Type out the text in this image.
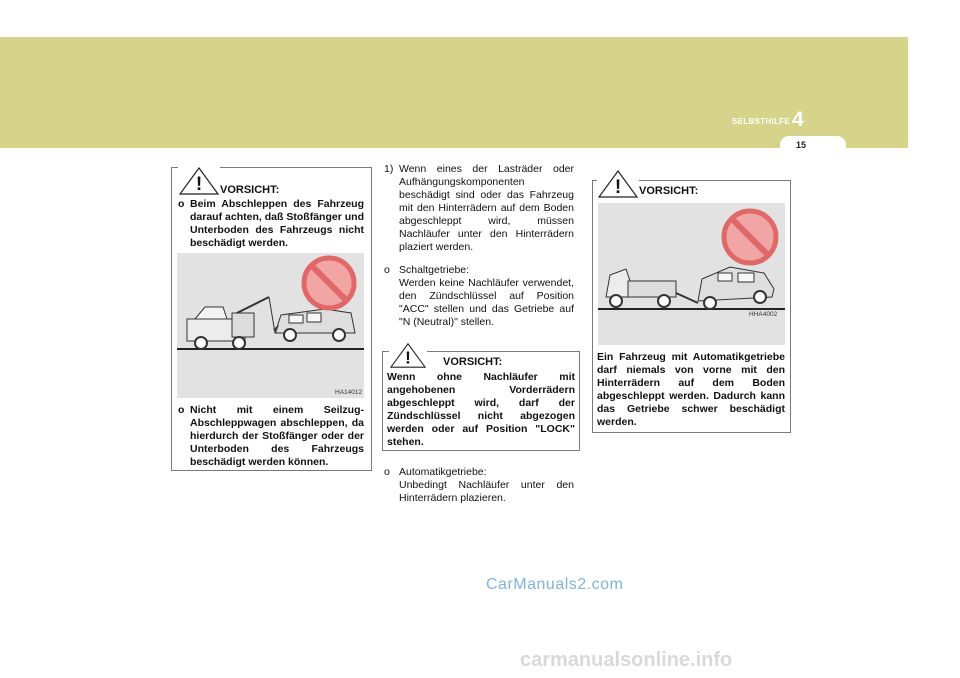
4
SELBSTHILFE
15
! VORSICHT:
o Beim Abschleppen des Fahrzeug darauf achten, daß Stoßfänger und Unterboden des Fahrzeugs nicht beschädigt werden.
HA14012
o Nicht mit einem Seilzug-Abschleppwagen abschleppen, da hierdurch der Stoßfänger oder der Unterboden des Fahrzeugs beschädigt werden können.
1) Wenn eines der Lasträder oder Aufhängungskomponenten beschädigt sind oder das Fahrzeug mit den Hinterrädern auf dem Boden abgeschleppt wird, müssen Nachläufer unter den Hinterrädern plaziert werden.
o Schaltgetriebe:
Werden keine Nachläufer verwendet, den Zündschlüssel auf Position "ACC" stellen und das Getriebe auf "N (Neutral)" stellen.
!	VORSICHT:
Wenn ohne Nachläufer mit angehobenen Vorderrädern abgeschleppt wird, darf der Zündschlüssel nicht abgezogen werden oder auf Position "LOCK" stehen.
o Automatikgetriebe:
Unbedingt Nachläufer unter den Hinterrädern plazieren.
! VORSICHT:
HHA4002
Ein Fahrzeug mit Automatikgetriebe darf niemals von vorne mit den Hinterrädern auf dem Boden abgeschleppt werden. Dadurch kann das Getriebe schwer beschädigt werden.
CarManuals2.com
carmanualsonline.info
